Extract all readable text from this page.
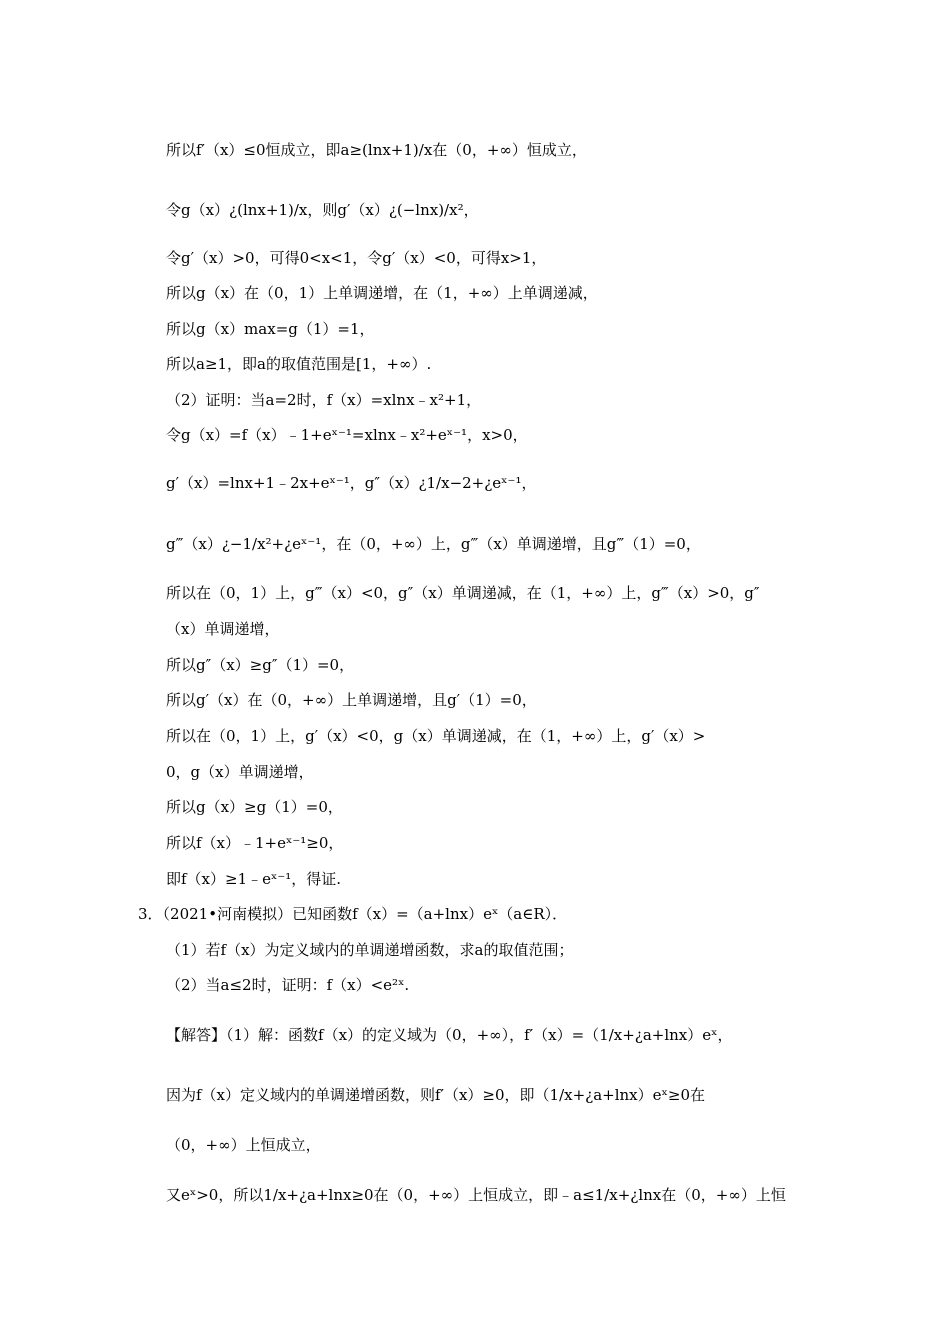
所以f′（x）≤0恒成立，即a≥(lnx+1)/x在（0，+∞）恒成立，
令g（x）¿(lnx+1)/x，则g′（x）¿(−lnx)/x²，
令g′（x）>0，可得0<x<1，令g′（x）<0，可得x>1，
所以g（x）在（0，1）上单调递增，在（1，+∞）上单调递减，
所以g（x）max=g（1）=1，
所以a≥1，即a的取值范围是[1，+∞）.
（2）证明：当a=2时，f（x）=xlnx﹣x²+1，
令g（x）=f（x）﹣1+eˣ⁻¹=xlnx﹣x²+eˣ⁻¹，x>0，
g′（x）=lnx+1﹣2x+eˣ⁻¹，g″（x）¿1/x−2+¿eˣ⁻¹，
g‴（x）¿−1/x²+¿eˣ⁻¹，在（0，+∞）上，g‴（x）单调递增，且g‴（1）=0，
所以在（0，1）上，g‴（x）<0，g″（x）单调递减，在（1，+∞）上，g‴（x）>0，g″
（x）单调递增，
所以g″（x）≥g″（1）=0，
所以g′（x）在（0，+∞）上单调递增，且g′（1）=0，
所以在（0，1）上，g′（x）<0，g（x）单调递减，在（1，+∞）上，g′（x）>
0，g（x）单调递增，
所以g（x）≥g（1）=0，
所以f（x）﹣1+eˣ⁻¹≥0，
即f（x）≥1﹣eˣ⁻¹，得证.
3．（2021•河南模拟）已知函数f（x）=（a+lnx）eˣ（a∈R）．
（1）若f（x）为定义域内的单调递增函数，求a的取值范围；
（2）当a≤2时，证明：f（x）<e²ˣ.
【解答】（1）解：函数f（x）的定义域为（0，+∞），f′（x）=（1/x+¿a+lnx）eˣ，
因为f（x）定义域内的单调递增函数，则f′（x）≥0，即（1/x+¿a+lnx）eˣ≥0在
（0，+∞）上恒成立，
又eˣ>0，所以1/x+¿a+lnx≥0在（0，+∞）上恒成立，即﹣a≤1/x+¿lnx在（0，+∞）上恒
